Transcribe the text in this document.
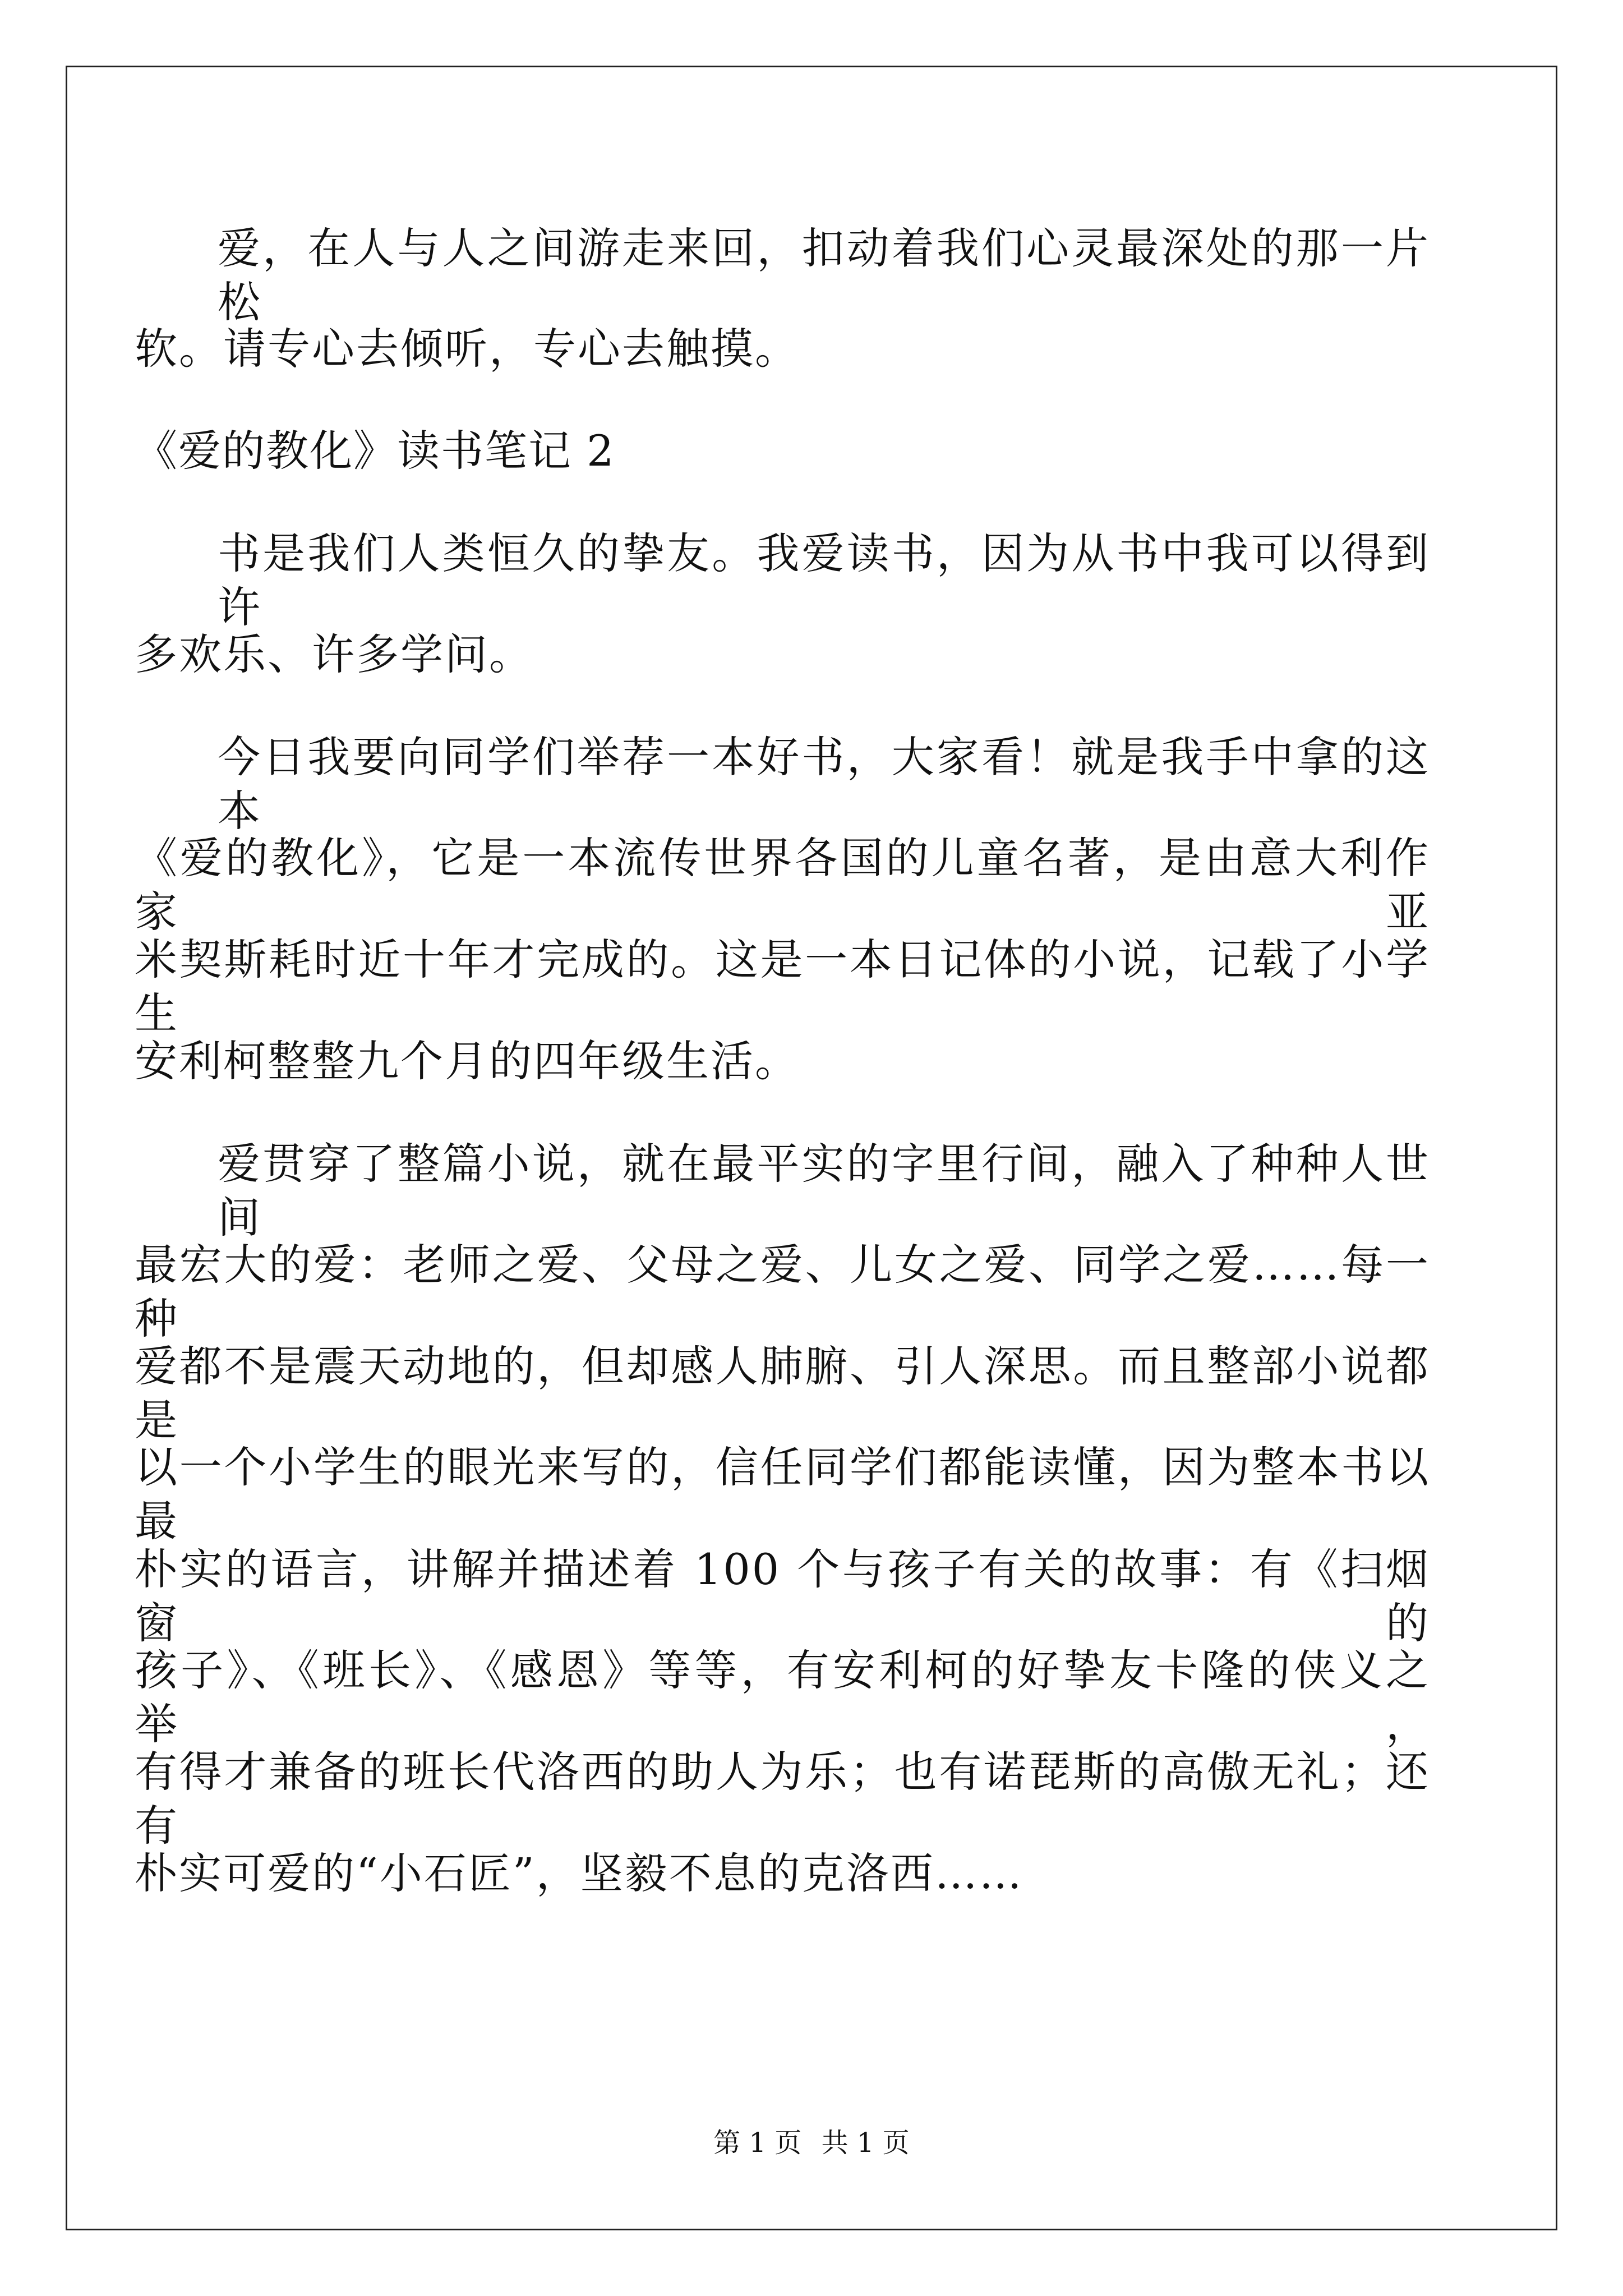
爱，在人与人之间游走来回，扣动着我们心灵最深处的那一片松
软。请专心去倾听，专心去触摸。
《爱的教化》读书笔记 2
书是我们人类恒久的挚友。我爱读书，因为从书中我可以得到许
多欢乐、许多学问。
今日我要向同学们举荐一本好书，大家看！就是我手中拿的这本
《爱的教化》，它是一本流传世界各国的儿童名著，是由意大利作家亚
米契斯耗时近十年才完成的。这是一本日记体的小说，记载了小学生
安利柯整整九个月的四年级生活。
爱贯穿了整篇小说，就在最平实的字里行间，融入了种种人世间
最宏大的爱：老师之爱、父母之爱、儿女之爱、同学之爱……每一种
爱都不是震天动地的，但却感人肺腑、引人深思。而且整部小说都是
以一个小学生的眼光来写的，信任同学们都能读懂，因为整本书以最
朴实的语言，讲解并描述着 100 个与孩子有关的故事：有《扫烟窗的
孩子》、《班长》、《感恩》等等，有安利柯的好挚友卡隆的侠义之举，
有得才兼备的班长代洛西的助人为乐；也有诺琵斯的高傲无礼；还有
朴实可爱的“小石匠”，坚毅不息的克洛西……
第 1 页 共 1 页
